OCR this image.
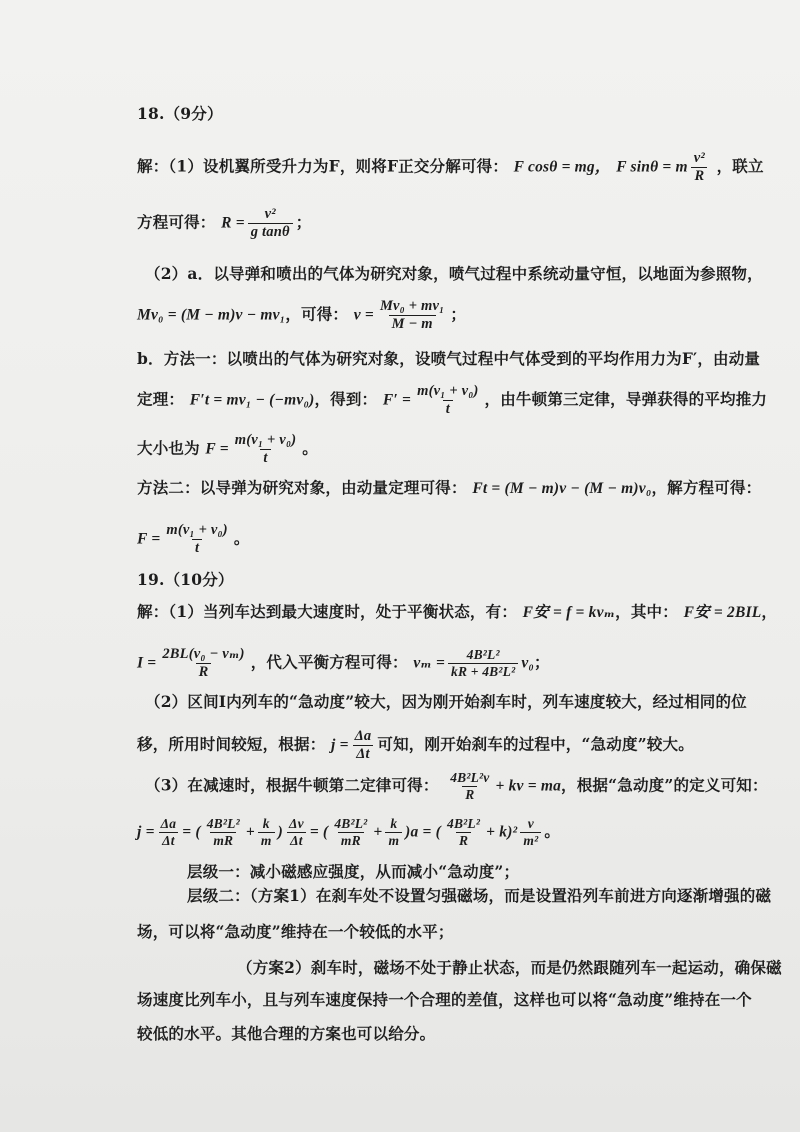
18.（9分）
解：（1）设机翼所受升力为F，则将F正交分解可得： F cosθ = mg， F sinθ = m $\frac{\text{v²}}{R}$ ，联立
方程可得： $R = \frac{\text{v²}}{\text{g tanθ}}$ ；
（2）a．以导弹和喷出的气体为研究对象，喷气过程中系统动量守恒，以地面为参照物，
Mv₀ = (M − m)v − mv₁，可得： $v = \frac{\text{Mv₀ + mv₁}}{M - m}$ ；
b．方法一：以喷出的气体为研究对象，设喷气过程中气体受到的平均作用力为F′，由动量
定理： F′t = mv₁ − (−mv₀)，得到： $F' = \frac{\text{m(v₁ + v₀)}}{t}$ ，由牛顿第三定律，导弹获得的平均推力
大小也为 $F = \frac{\text{m(v₁ + v₀)}}{t}$ 。
方法二：以导弹为研究对象，由动量定理可得： Ft = (M − m)v − (M − m)v₀，解方程可得：
$F = \frac{\text{m(v₁ + v₀)}}{t}$ 。
19.（10分）
解：（1）当列车达到最大速度时，处于平衡状态，有： F安 = f = kvₘ，其中： F安 = 2BIL，
$I = \frac{\text{2BL(v₀ − vₘ)}}{R}$ ，代入平衡方程可得： $v_m = \frac{\text{4B²L²}}{\text{kR + 4B²L²}} v_0$；
（2）区间Ⅰ内列车的“急动度”较大，因为刚开始刹车时，列车速度较大，经过相同的位
移，所用时间较短，根据： $j = \frac{\Delta a}{\Delta t}$ 可知，刚开始刹车的过程中，“急动度”较大。
（3）在减速时，根据牛顿第二定律可得： $\frac{\text{4B²L²v}}{R}$ + kv = ma，根据“急动度”的定义可知：
$j = \frac{\Delta a}{\Delta t}$ = ( $\frac{\text{4B²L²}}{mR} + \frac{k}{m}$ ) $\frac{\Delta v}{\Delta t}$ = ( $\frac{\text{4B²L²}}{mR} + \frac{k}{m} )a$ = ( $\frac{\text{4B²L²}}{R} + k)^2 \frac{v}{\text{m²}}$ 。
层级一：减小磁感应强度，从而减小“急动度”；
层级二：（方案1）在刹车处不设置匀强磁场，而是设置沿列车前进方向逐渐增强的磁
场，可以将“急动度”维持在一个较低的水平；
（方案2）刹车时，磁场不处于静止状态，而是仍然跟随列车一起运动，确保磁
场速度比列车小，且与列车速度保持一个合理的差值，这样也可以将“急动度”维持在一个
较低的水平。其他合理的方案也可以给分。
